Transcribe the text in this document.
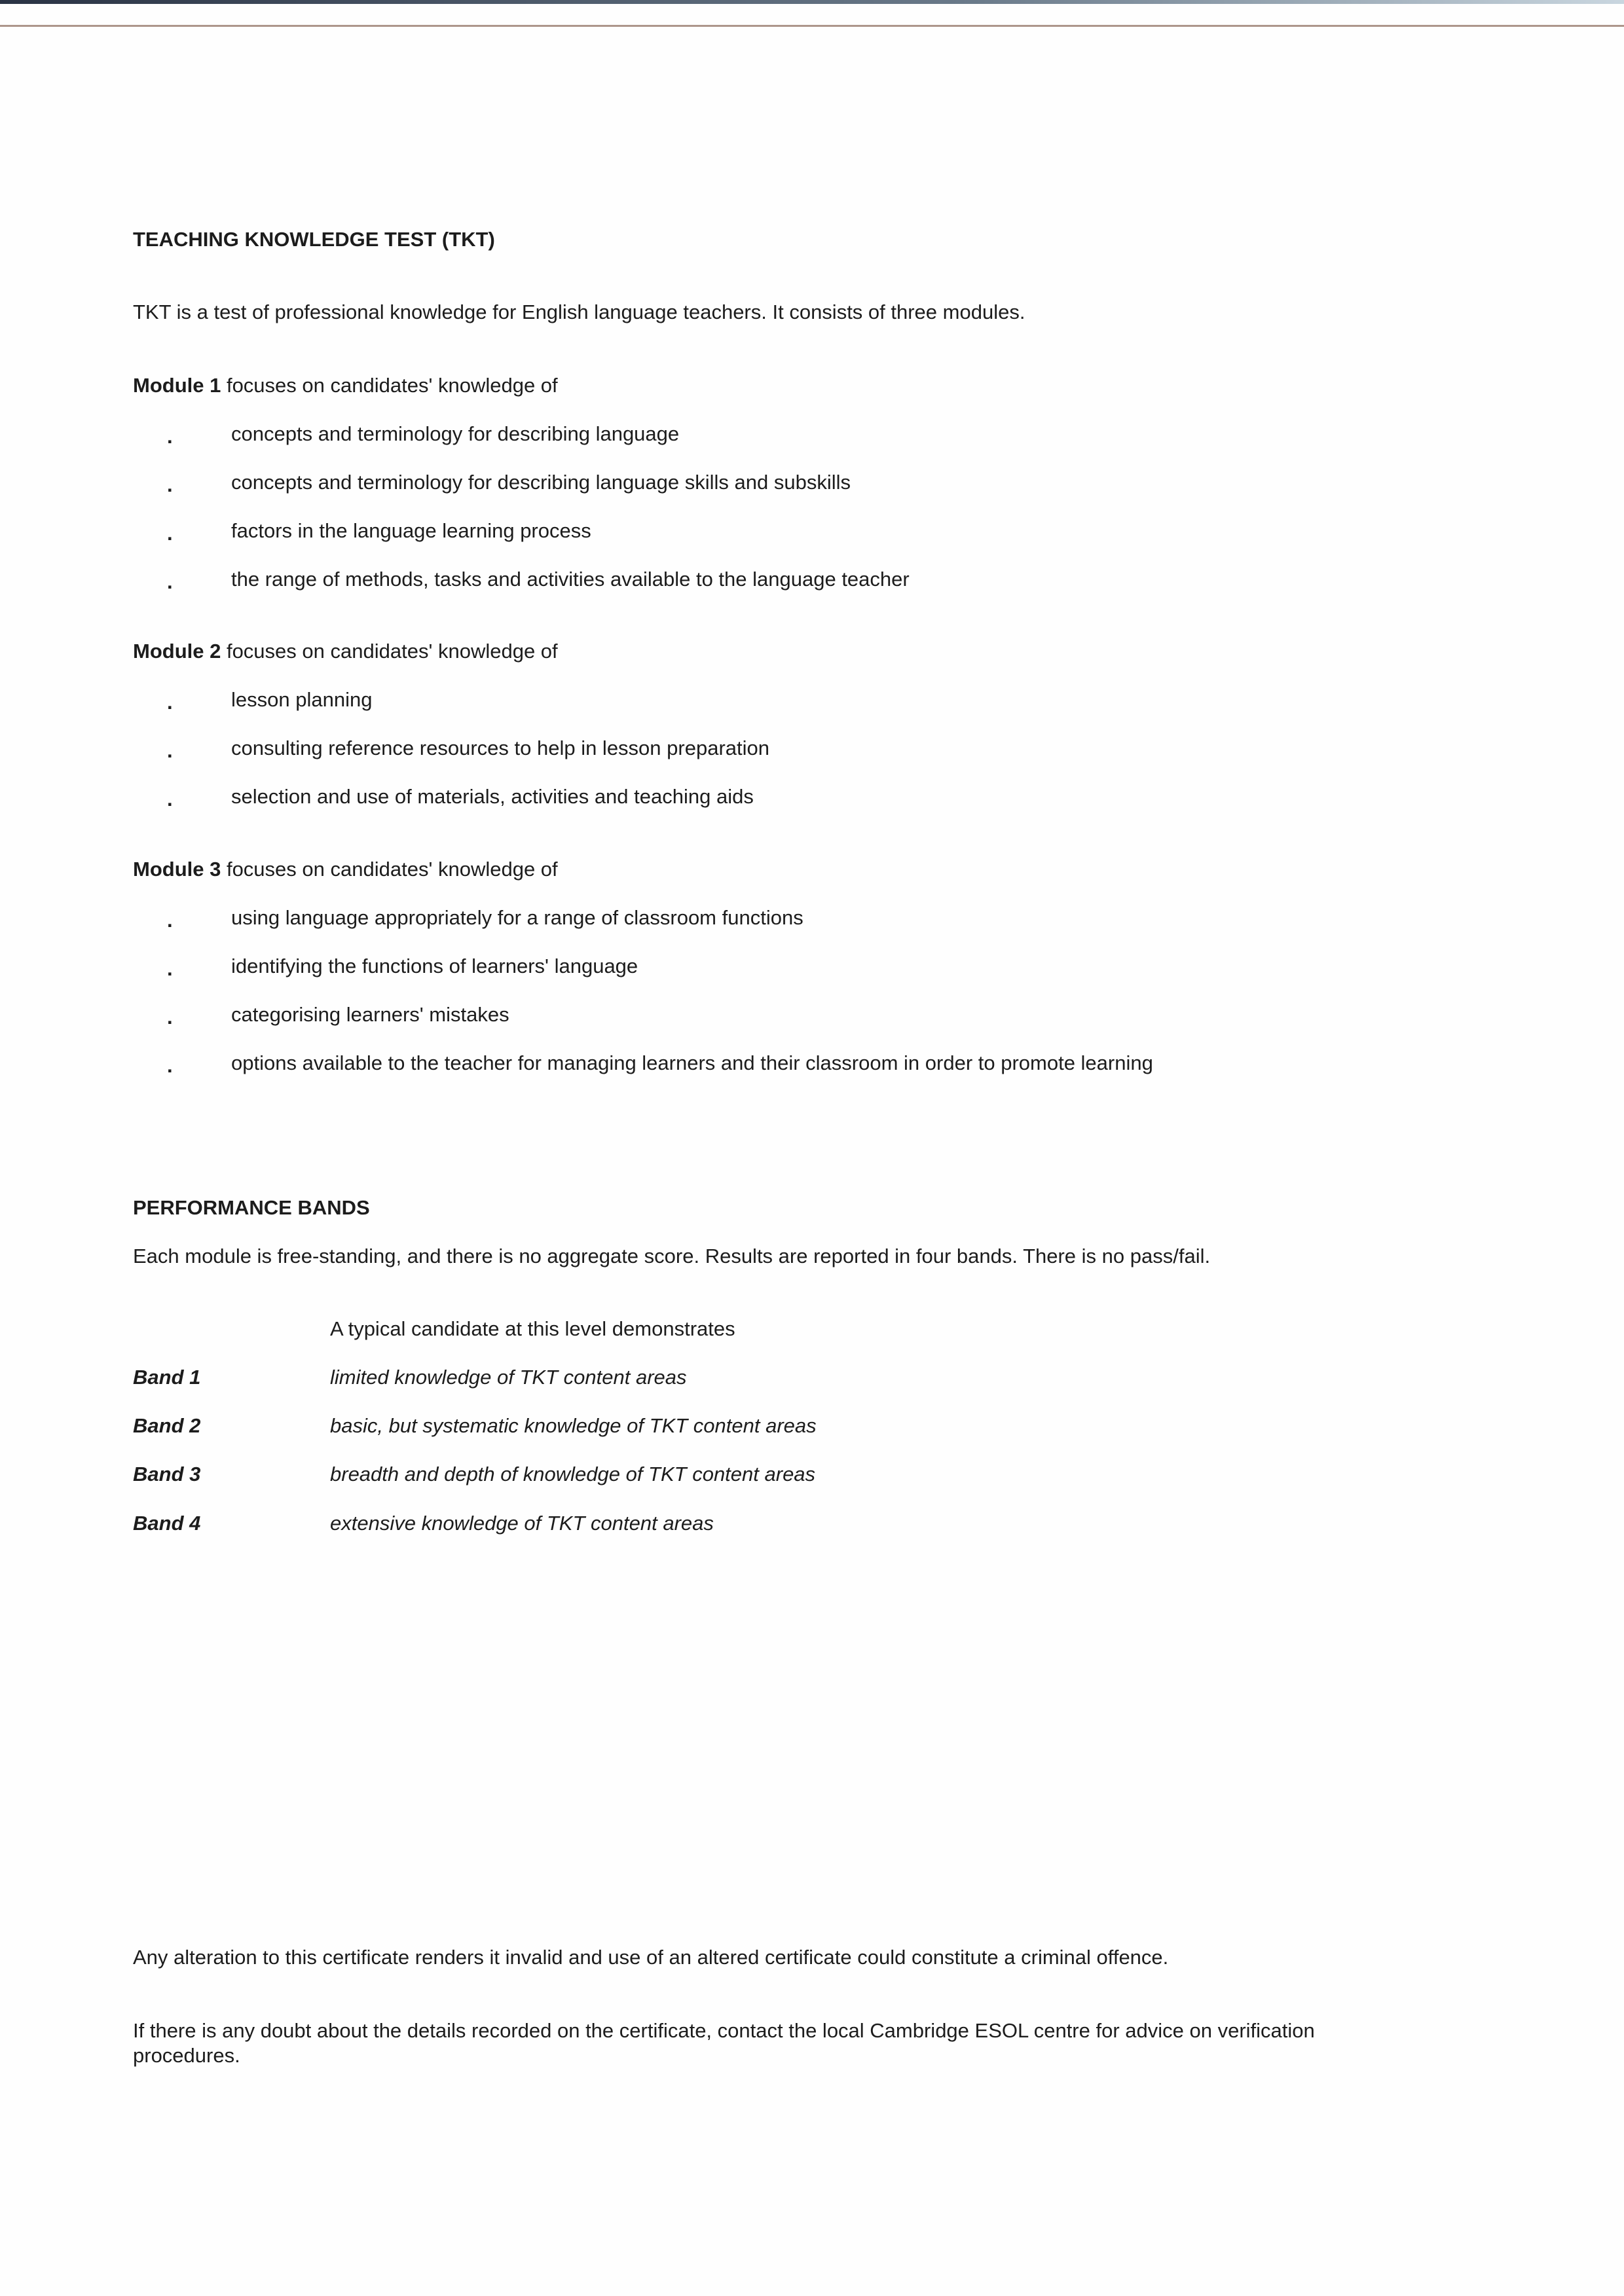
TEACHING KNOWLEDGE TEST (TKT)
TKT is a test of professional knowledge for English language teachers. It consists of three modules.
Module 1 focuses on candidates' knowledge of
.	concepts and terminology for describing language
.	concepts and terminology for describing language skills and subskills
.	factors in the language learning process
.	the range of methods, tasks and activities available to the language teacher
Module 2 focuses on candidates' knowledge of
.	lesson planning
.	consulting reference resources to help in lesson preparation
.	selection and use of materials, activities and teaching aids
Module 3 focuses on candidates' knowledge of
.	using language appropriately for a range of classroom functions
.	identifying the functions of learners' language
.	categorising learners' mistakes
.	options available to the teacher for managing learners and their classroom in order to promote learning
PERFORMANCE BANDS
Each module is free-standing, and there is no aggregate score. Results are reported in four bands. There is no pass/fail.
A typical candidate at this level demonstrates
Band 1	limited knowledge of TKT content areas
Band 2	basic, but systematic knowledge of TKT content areas
Band 3	breadth and depth of knowledge of TKT content areas
Band 4	extensive knowledge of TKT content areas
Any alteration to this certificate renders it invalid and use of an altered certificate could constitute a criminal offence.
If there is any doubt about the details recorded on the certificate, contact the local Cambridge ESOL centre for advice on verification procedures.
